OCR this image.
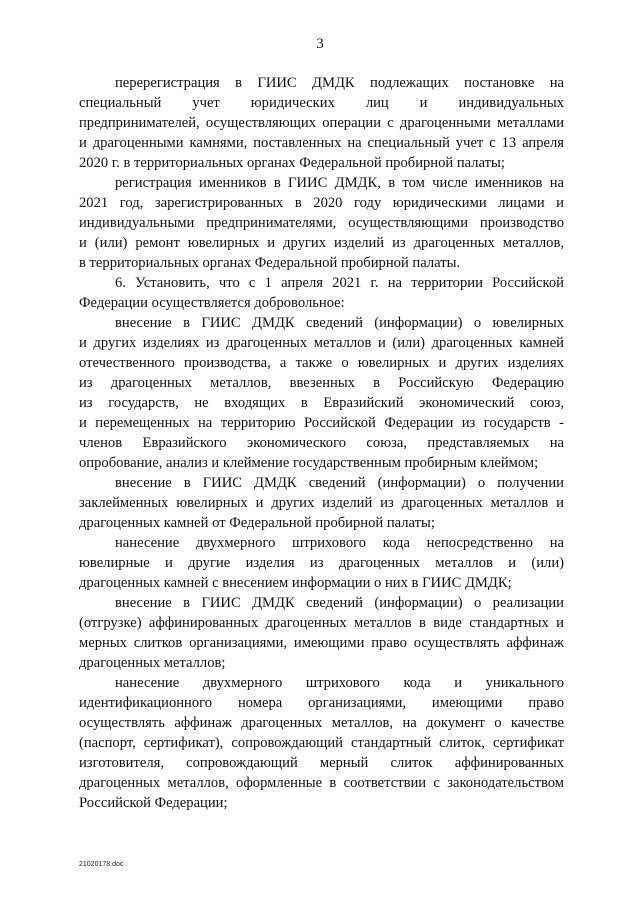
3
перерегистрация в ГИИС ДМДК подлежащих постановке на
специальный учет юридических лиц и индивидуальных
предпринимателей, осуществляющих операции с драгоценными металлами
и драгоценными камнями, поставленных на специальный учет с 13 апреля
2020 г. в территориальных органах Федеральной пробирной палаты;
регистрация именников в ГИИС ДМДК, в том числе именников на
2021 год, зарегистрированных в 2020 году юридическими лицами и
индивидуальными предпринимателями, осуществляющими производство
и (или) ремонт ювелирных и других изделий из драгоценных металлов,
в территориальных органах Федеральной пробирной палаты.
6. Установить, что с 1 апреля 2021 г. на территории Российской
Федерации осуществляется добровольное:
внесение в ГИИС ДМДК сведений (информации) о ювелирных
и других изделиях из драгоценных металлов и (или) драгоценных камней
отечественного производства, а также о ювелирных и других изделиях
из драгоценных металлов, ввезенных в Российскую Федерацию
из государств, не входящих в Евразийский экономический союз,
и перемещенных на территорию Российской Федерации из государств -
членов Евразийского экономического союза, представляемых на
опробование, анализ и клеймение государственным пробирным клеймом;
внесение в ГИИС ДМДК сведений (информации) о получении
заклейменных ювелирных и других изделий из драгоценных металлов и
драгоценных камней от Федеральной пробирной палаты;
нанесение двухмерного штрихового кода непосредственно на
ювелирные и другие изделия из драгоценных металлов и (или)
драгоценных камней с внесением информации о них в ГИИС ДМДК;
внесение в ГИИС ДМДК сведений (информации) о реализации
(отгрузке) аффинированных драгоценных металлов в виде стандартных и
мерных слитков организациями, имеющими право осуществлять аффинаж
драгоценных металлов;
нанесение двухмерного штрихового кода и уникального
идентификационного номера организациями, имеющими право
осуществлять аффинаж драгоценных металлов, на документ о качестве
(паспорт, сертификат), сопровождающий стандартный слиток, сертификат
изготовителя, сопровождающий мерный слиток аффинированных
драгоценных металлов, оформленные в соответствии с законодательством
Российской Федерации;
21020178.doc
